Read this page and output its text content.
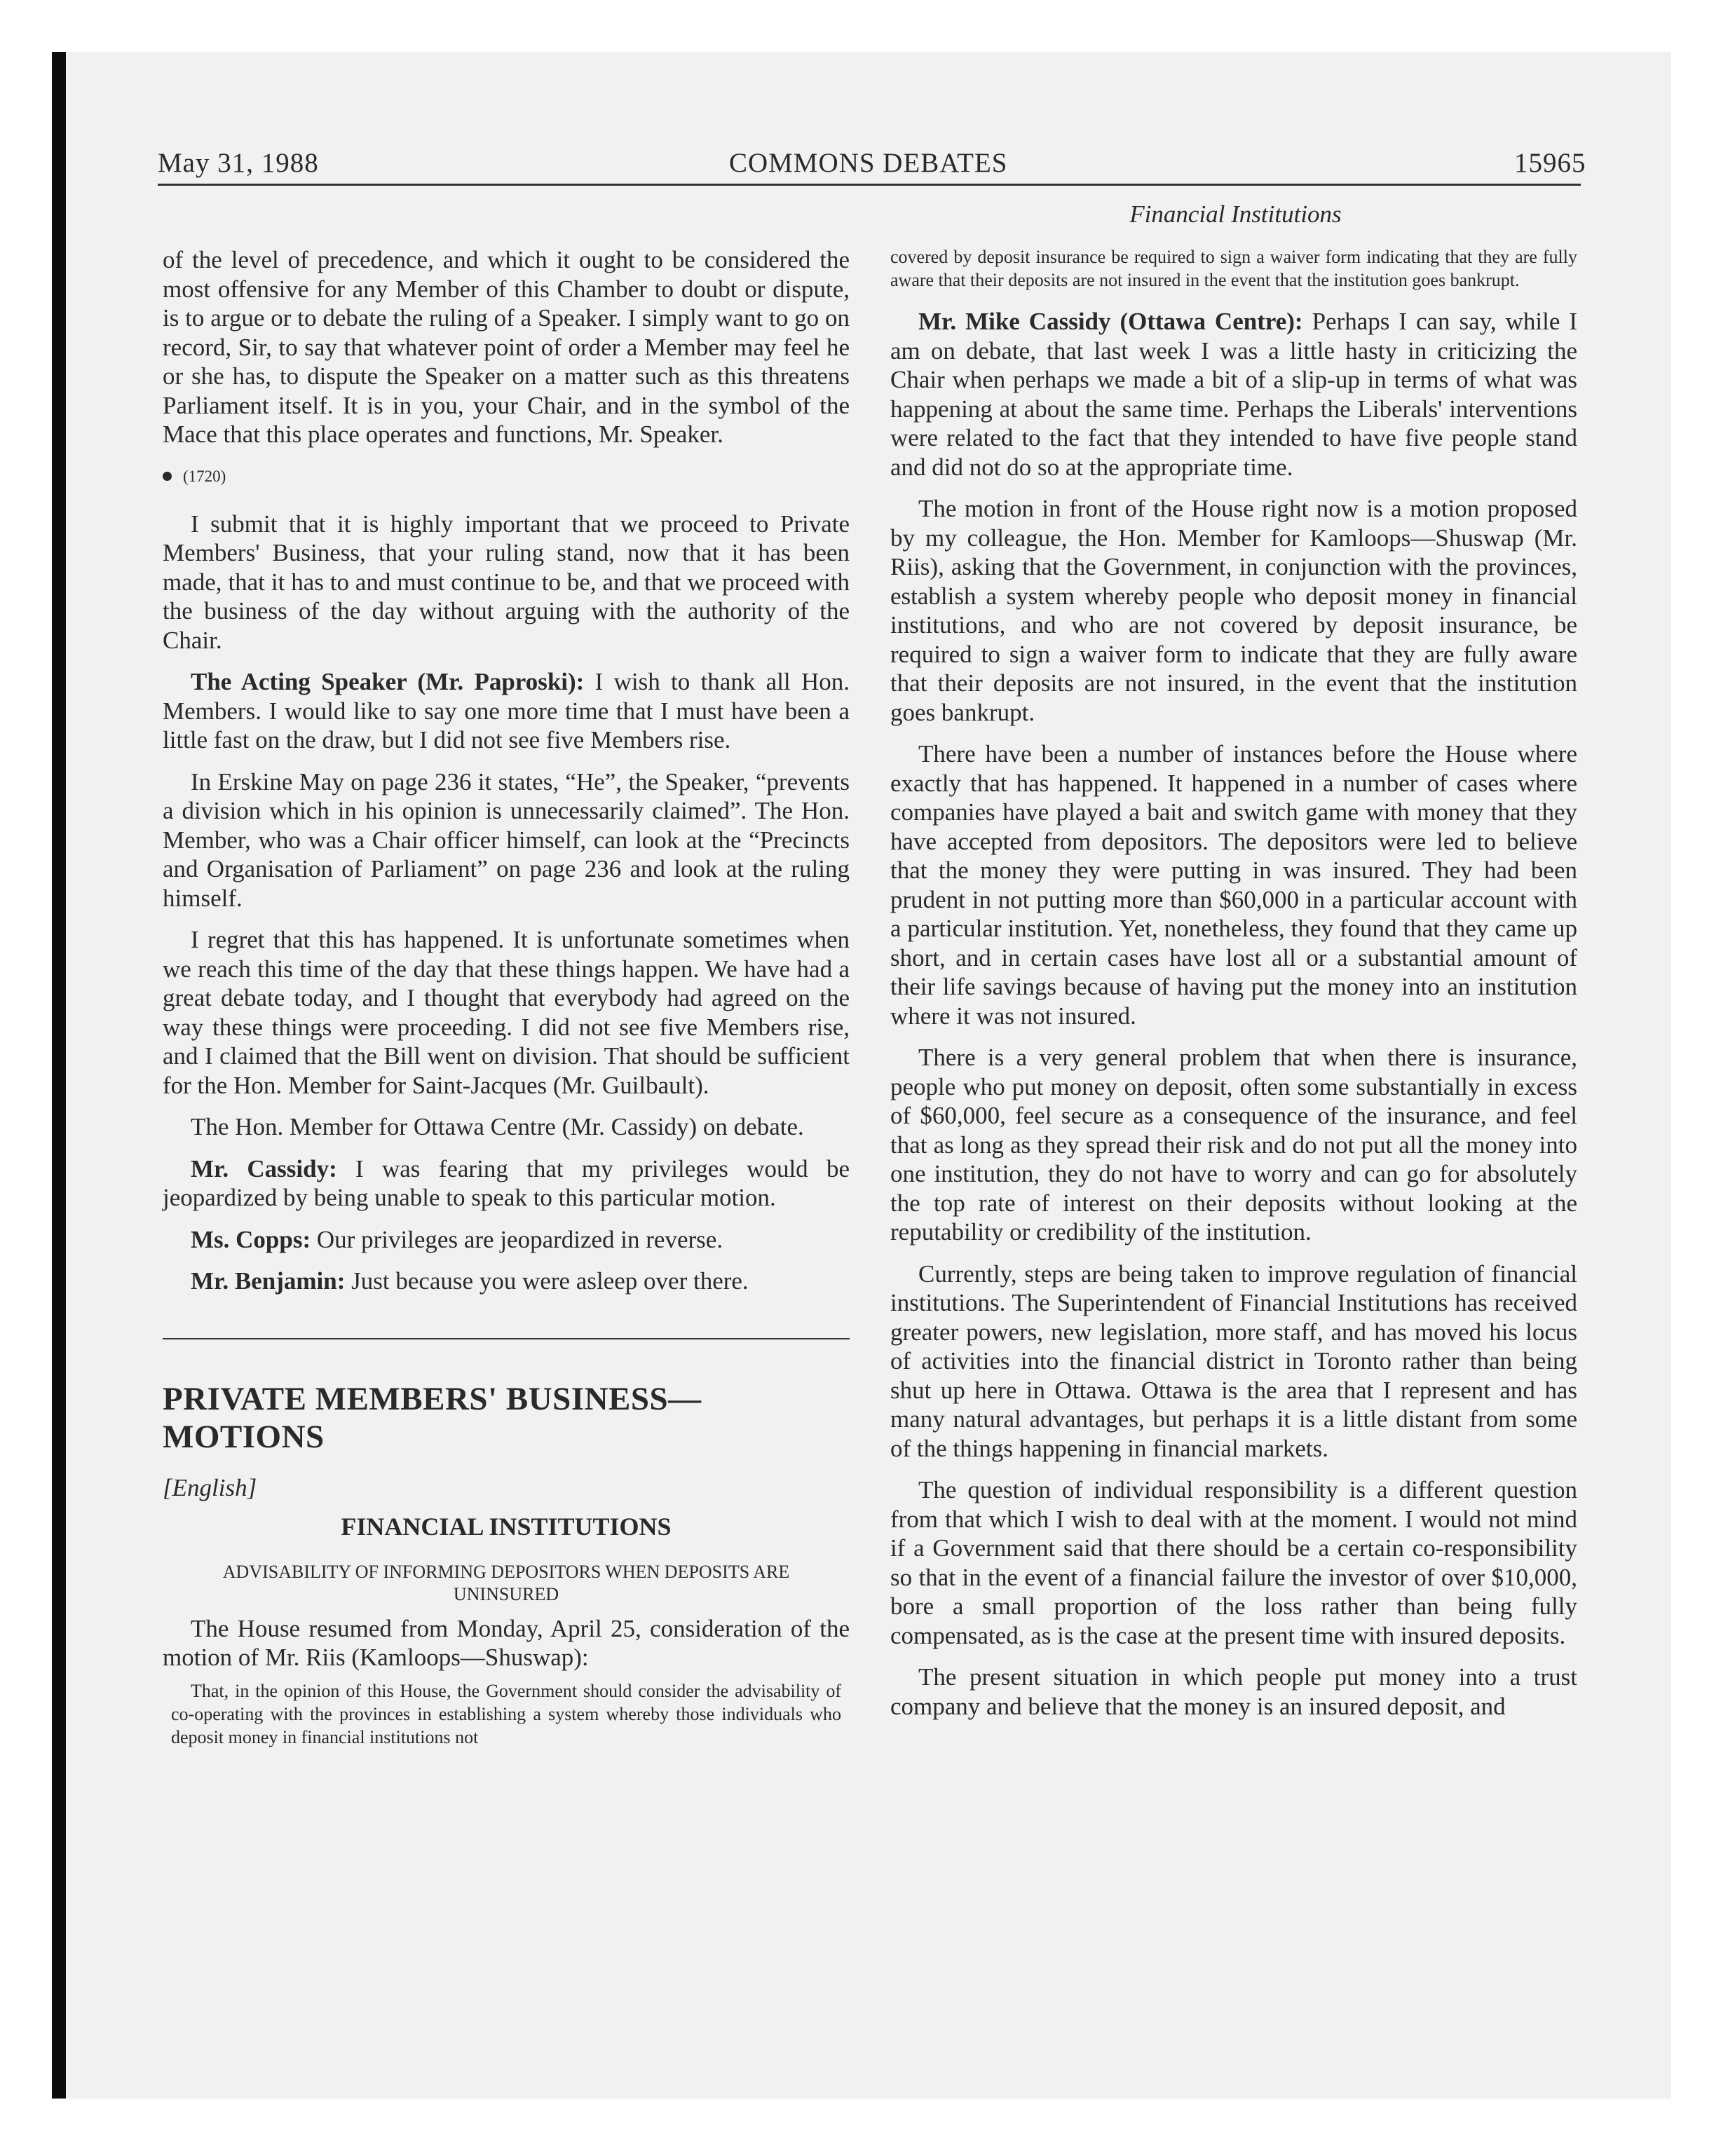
May 31, 1988	COMMONS DEBATES	15965
Financial Institutions

of the level of precedence, and which it ought to be considered the most offensive for any Member of this Chamber to doubt or dispute, is to argue or to debate the ruling of a Speaker. I simply want to go on record, Sir, to say that whatever point of order a Member may feel he or she has, to dispute the Speaker on a matter such as this threatens Parliament itself. It is in you, your Chair, and in the symbol of the Mace that this place operates and functions, Mr. Speaker.

(1720)

I submit that it is highly important that we proceed to Private Members' Business, that your ruling stand, now that it has been made, that it has to and must continue to be, and that we proceed with the business of the day without arguing with the authority of the Chair.

The Acting Speaker (Mr. Paproski): I wish to thank all Hon. Members. I would like to say one more time that I must have been a little fast on the draw, but I did not see five Members rise.

In Erskine May on page 236 it states, “He”, the Speaker, “prevents a division which in his opinion is unnecessarily claimed”. The Hon. Member, who was a Chair officer himself, can look at the “Precincts and Organisation of Parliament” on page 236 and look at the ruling himself.

I regret that this has happened. It is unfortunate sometimes when we reach this time of the day that these things happen. We have had a great debate today, and I thought that everybody had agreed on the way these things were proceeding. I did not see five Members rise, and I claimed that the Bill went on division. That should be sufficient for the Hon. Member for Saint-Jacques (Mr. Guilbault).

The Hon. Member for Ottawa Centre (Mr. Cassidy) on debate.

Mr. Cassidy: I was fearing that my privileges would be jeopardized by being unable to speak to this particular motion.

Ms. Copps: Our privileges are jeopardized in reverse.

Mr. Benjamin: Just because you were asleep over there.

PRIVATE MEMBERS' BUSINESS—MOTIONS
[English]
FINANCIAL INSTITUTIONS
ADVISABILITY OF INFORMING DEPOSITORS WHEN DEPOSITS ARE UNINSURED

The House resumed from Monday, April 25, consideration of the motion of Mr. Riis (Kamloops—Shuswap):

That, in the opinion of this House, the Government should consider the advisability of co-operating with the provinces in establishing a system whereby those individuals who deposit money in financial institutions not

covered by deposit insurance be required to sign a waiver form indicating that they are fully aware that their deposits are not insured in the event that the institution goes bankrupt.

Mr. Mike Cassidy (Ottawa Centre): Perhaps I can say, while I am on debate, that last week I was a little hasty in criticizing the Chair when perhaps we made a bit of a slip-up in terms of what was happening at about the same time. Perhaps the Liberals' interventions were related to the fact that they intended to have five people stand and did not do so at the appropriate time.

The motion in front of the House right now is a motion proposed by my colleague, the Hon. Member for Kamloops—Shuswap (Mr. Riis), asking that the Government, in conjunction with the provinces, establish a system whereby people who deposit money in financial institutions, and who are not covered by deposit insurance, be required to sign a waiver form to indicate that they are fully aware that their deposits are not insured, in the event that the institution goes bankrupt.

There have been a number of instances before the House where exactly that has happened. It happened in a number of cases where companies have played a bait and switch game with money that they have accepted from depositors. The depositors were led to believe that the money they were putting in was insured. They had been prudent in not putting more than $60,000 in a particular account with a particular institution. Yet, nonetheless, they found that they came up short, and in certain cases have lost all or a substantial amount of their life savings because of having put the money into an institution where it was not insured.

There is a very general problem that when there is insurance, people who put money on deposit, often some substantially in excess of $60,000, feel secure as a consequence of the insurance, and feel that as long as they spread their risk and do not put all the money into one institution, they do not have to worry and can go for absolutely the top rate of interest on their deposits without looking at the reputability or credibility of the institution.

Currently, steps are being taken to improve regulation of financial institutions. The Superintendent of Financial Institutions has received greater powers, new legislation, more staff, and has moved his locus of activities into the financial district in Toronto rather than being shut up here in Ottawa. Ottawa is the area that I represent and has many natural advantages, but perhaps it is a little distant from some of the things happening in financial markets.

The question of individual responsibility is a different question from that which I wish to deal with at the moment. I would not mind if a Government said that there should be a certain co-responsibility so that in the event of a financial failure the investor of over $10,000, bore a small proportion of the loss rather than being fully compensated, as is the case at the present time with insured deposits.

The present situation in which people put money into a trust company and believe that the money is an insured deposit, and
